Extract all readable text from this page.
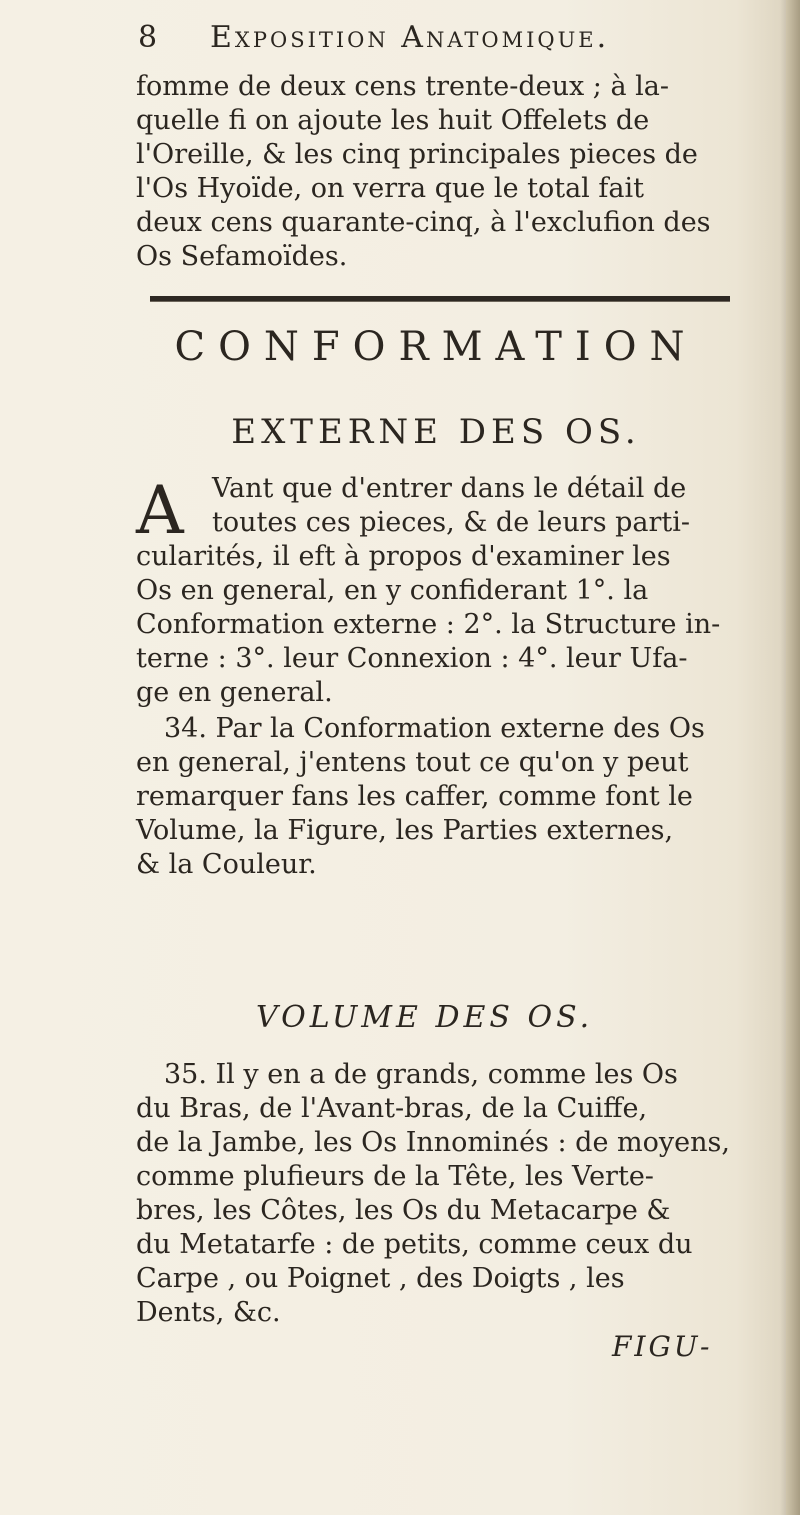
8 Exposition Anatomique.
fomme de deux cens trente-deux ; à la-
quelle fi on ajoute les huit Offelets de
l'Oreille, & les cinq principales pieces de
l'Os Hyoïde, on verra que le total fait
deux cens quarante-cinq, à l'exclufion des
Os Sefamoïdes.
CONFORMATION
EXTERNE DES OS.
A Vant que d'entrer dans le détail de
toutes ces pieces, & de leurs parti-
cularités, il eft à propos d'examiner les
Os en general, en y confiderant 1°. la
Conformation externe : 2°. la Structure in-
terne : 3°. leur Connexion : 4°. leur Ufa-
ge en general.
34. Par la Conformation externe des Os
en general, j'entens tout ce qu'on y peut
remarquer fans les caffer, comme font le
Volume, la Figure, les Parties externes,
& la Couleur.
VOLUME DES OS.
35. Il y en a de grands, comme les Os
du Bras, de l'Avant-bras, de la Cuiffe,
de la Jambe, les Os Innominés : de moyens,
comme plufieurs de la Tête, les Verte-
bres, les Côtes, les Os du Metacarpe &
du Metatarfe : de petits, comme ceux du
Carpe , ou Poignet , des Doigts , les
Dents, &c.
FIGU-
